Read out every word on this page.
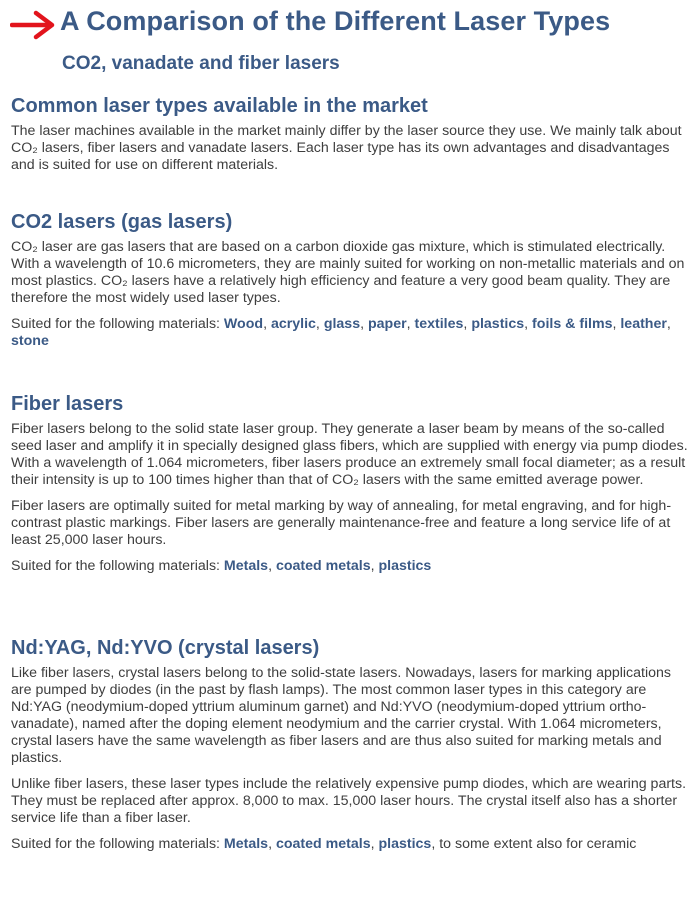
A Comparison of the Different Laser Types
CO2, vanadate and fiber lasers
Common laser types available in the market

The laser machines available in the market mainly differ by the laser source they use. We mainly talk about CO₂ lasers, fiber lasers and vanadate lasers. Each laser type has its own advantages and disadvantages and is suited for use on different materials.

CO2 lasers (gas lasers)

CO₂ laser are gas lasers that are based on a carbon dioxide gas mixture, which is stimulated electrically. With a wavelength of 10.6 micrometers, they are mainly suited for working on non-metallic materials and on most plastics. CO₂ lasers have a relatively high efficiency and feature a very good beam quality. They are therefore the most widely used laser types.

Suited for the following materials: Wood, acrylic, glass, paper, textiles, plastics, foils & films, leather, stone

Fiber lasers

Fiber lasers belong to the solid state laser group. They generate a laser beam by means of the so-called seed laser and amplify it in specially designed glass fibers, which are supplied with energy via pump diodes. With a wavelength of 1.064 micrometers, fiber lasers produce an extremely small focal diameter; as a result their intensity is up to 100 times higher than that of CO₂ lasers with the same emitted average power.

Fiber lasers are optimally suited for metal marking by way of annealing, for metal engraving, and for high-contrast plastic markings. Fiber lasers are generally maintenance-free and feature a long service life of at least 25,000 laser hours.

Suited for the following materials: Metals, coated metals, plastics

Nd:YAG, Nd:YVO (crystal lasers)

Like fiber lasers, crystal lasers belong to the solid-state lasers. Nowadays, lasers for marking applications are pumped by diodes (in the past by flash lamps). The most common laser types in this category are Nd:YAG (neodymium-doped yttrium aluminum garnet) and Nd:YVO (neodymium-doped yttrium ortho-vanadate), named after the doping element neodymium and the carrier crystal. With 1.064 micrometers, crystal lasers have the same wavelength as fiber lasers and are thus also suited for marking metals and plastics.

Unlike fiber lasers, these laser types include the relatively expensive pump diodes, which are wearing parts. They must be replaced after approx. 8,000 to max. 15,000 laser hours. The crystal itself also has a shorter service life than a fiber laser.

Suited for the following materials: Metals, coated metals, plastics, to some extent also for ceramic
